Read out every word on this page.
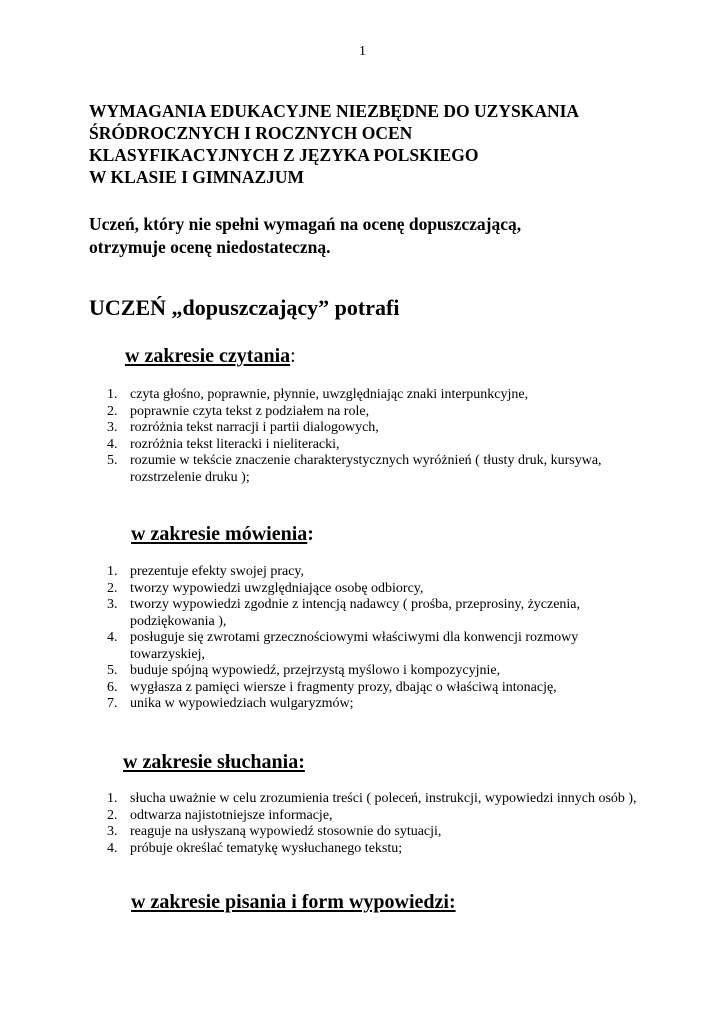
1
WYMAGANIA EDUKACYJNE NIEZBĘDNE DO UZYSKANIA
ŚRÓDROCZNYCH I ROCZNYCH OCEN
KLASYFIKACYJNYCH Z JĘZYKA POLSKIEGO
W KLASIE I GIMNAZJUM

Uczeń, który nie spełni wymagań na ocenę dopuszczającą,
otrzymuje ocenę niedostateczną.

UCZEŃ „dopuszczający” potrafi
w zakresie czytania:
1. czyta głośno, poprawnie, płynnie, uwzględniając znaki interpunkcyjne,
2. poprawnie czyta tekst z podziałem na role,
3. rozróżnia tekst narracji i partii dialogowych,
4. rozróżnia tekst literacki i nieliteracki,
5. rozumie w tekście znaczenie charakterystycznych wyróżnień ( tłusty druk, kursywa, rozstrzelenie druku );
w zakresie mówienia:
1. prezentuje efekty swojej pracy,
2. tworzy wypowiedzi uwzględniające osobę odbiorcy,
3. tworzy wypowiedzi zgodnie z intencją nadawcy ( prośba, przeprosiny, życzenia, podziękowania ),
4. posługuje się zwrotami grzecznościowymi właściwymi dla konwencji rozmowy towarzyskiej,
5. buduje spójną wypowiedź, przejrzystą myślowo i kompozycyjnie,
6. wygłasza z pamięci wiersze i fragmenty prozy, dbając o właściwą intonację,
7. unika w wypowiedziach wulgaryzmów;
w zakresie słuchania:
1. słucha uważnie w celu zrozumienia treści ( poleceń, instrukcji, wypowiedzi innych osób ),
2. odtwarza najistotniejsze informacje,
3. reaguje na usłyszaną wypowiedź stosownie do sytuacji,
4. próbuje określać tematykę wysłuchanego tekstu;
w zakresie pisania i form wypowiedzi:
